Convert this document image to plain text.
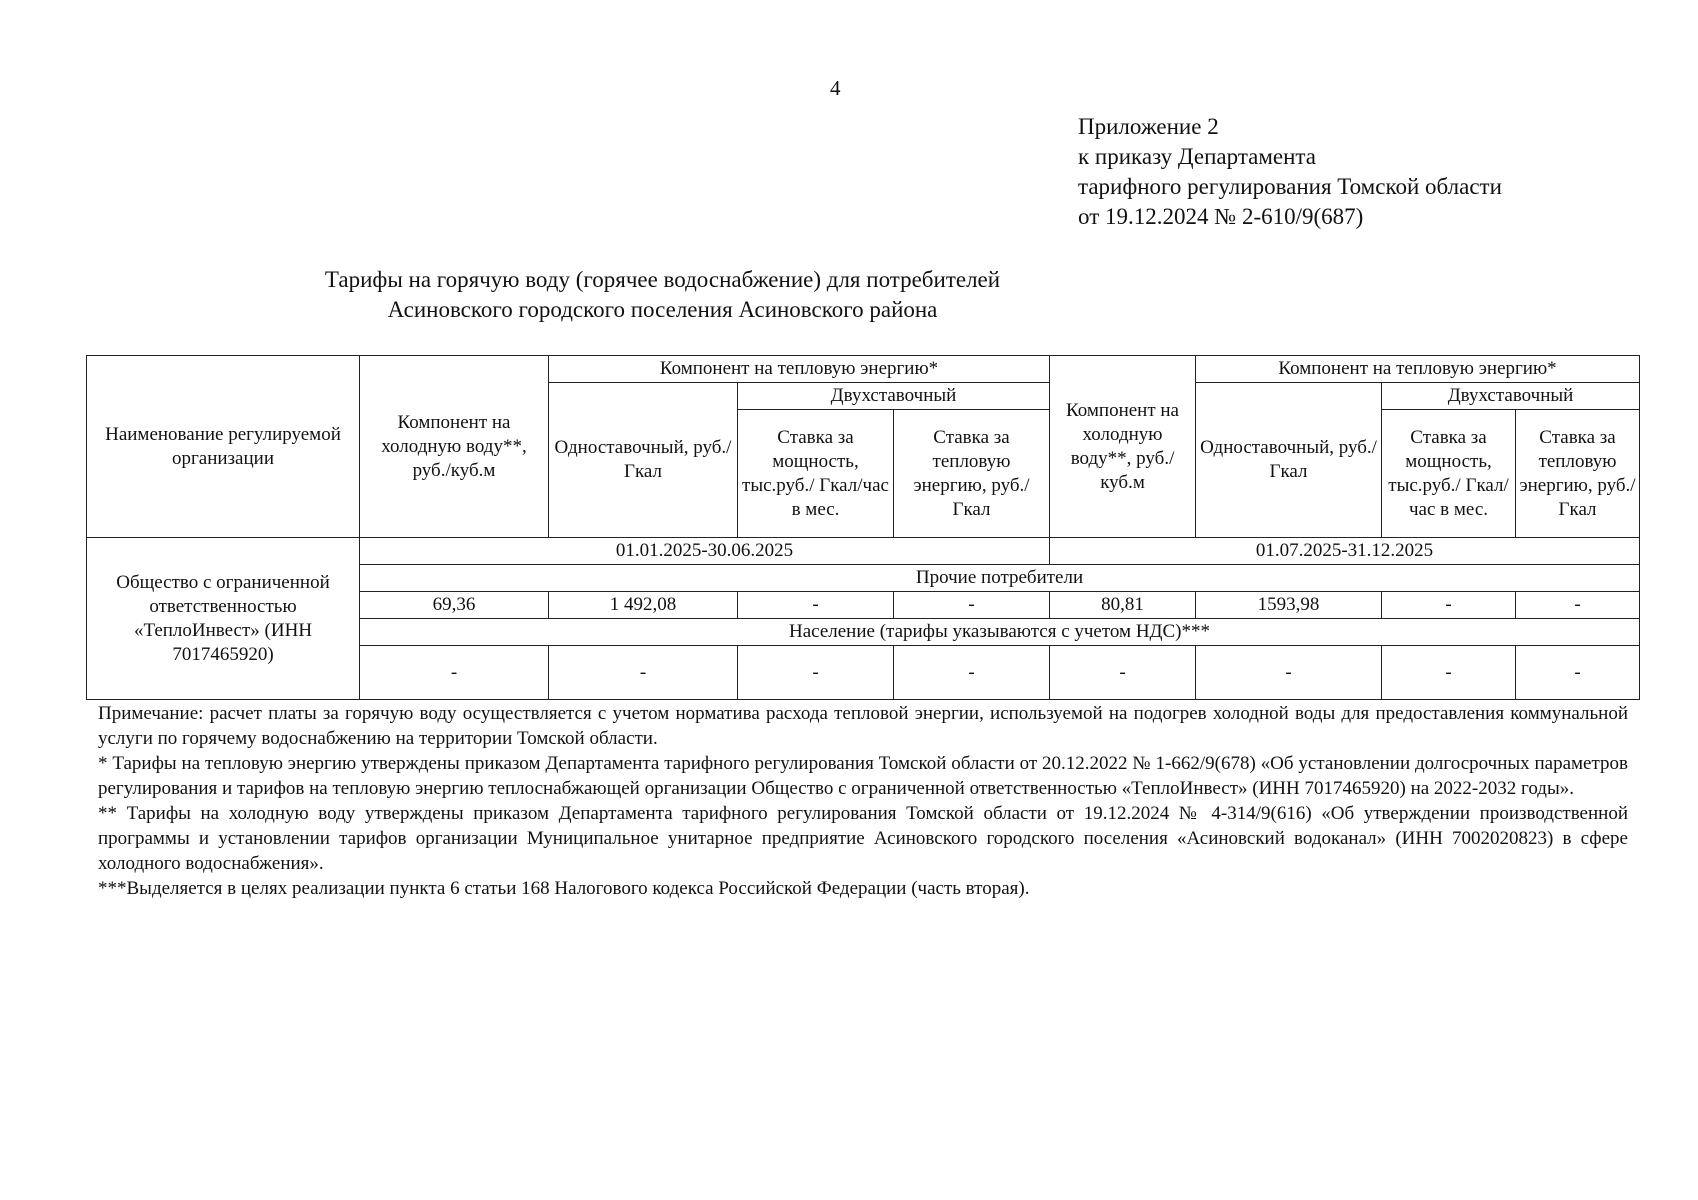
4
Приложение 2
к приказу Департамента
тарифного регулирования Томской области
от 19.12.2024 № 2-610/9(687)
Тарифы на горячую воду (горячее водоснабжение) для потребителей
Асиновского городского поселения Асиновского района
Наименование регулируемой организации	Компонент на холодную воду**, руб./куб.м	Компонент на тепловую энергию*			Компонент на холодную воду**, руб./куб.м	Компонент на тепловую энергию*		
		Одноставочный, руб./Гкал	Двухставочный			Одноставочный, руб./Гкал	Двухставочный	
			Ставка за мощность, тыс.руб./ Гкал/час в мес.	Ставка за тепловую энергию, руб./Гкал			Ставка за мощность, тыс.руб./ Гкал/час в мес.	Ставка за тепловую энергию, руб./Гкал

Общество с ограниченной ответственностью «ТеплоИнвест» (ИНН 7017465920)	01.01.2025-30.06.2025				01.07.2025-31.12.2025			
	Прочие потребители							
	69,36	1 492,08	-	-	80,81	1593,98	-	-
	Население (тарифы указываются с учетом НДС)***							
	-	-	-	-	-	-	-	-

Примечание: расчет платы за горячую воду осуществляется с учетом норматива расхода тепловой энергии, используемой на подогрев холодной воды для предоставления коммунальной услуги по горячему водоснабжению на территории Томской области.

* Тарифы на тепловую энергию утверждены приказом Департамента тарифного регулирования Томской области от 20.12.2022 № 1-662/9(678) «Об установлении долгосрочных параметров регулирования и тарифов на тепловую энергию теплоснабжающей организации Общество с ограниченной ответственностью «ТеплоИнвест» (ИНН 7017465920) на 2022-2032 годы».

** Тарифы на холодную воду утверждены приказом Департамента тарифного регулирования Томской области от 19.12.2024 № 4-314/9(616) «Об утверждении производственной программы и установлении тарифов организации Муниципальное унитарное предприятие Асиновского городского поселения «Асиновский водоканал» (ИНН 7002020823) в сфере холодного водоснабжения».

***Выделяется в целях реализации пункта 6 статьи 168 Налогового кодекса Российской Федерации (часть вторая).
